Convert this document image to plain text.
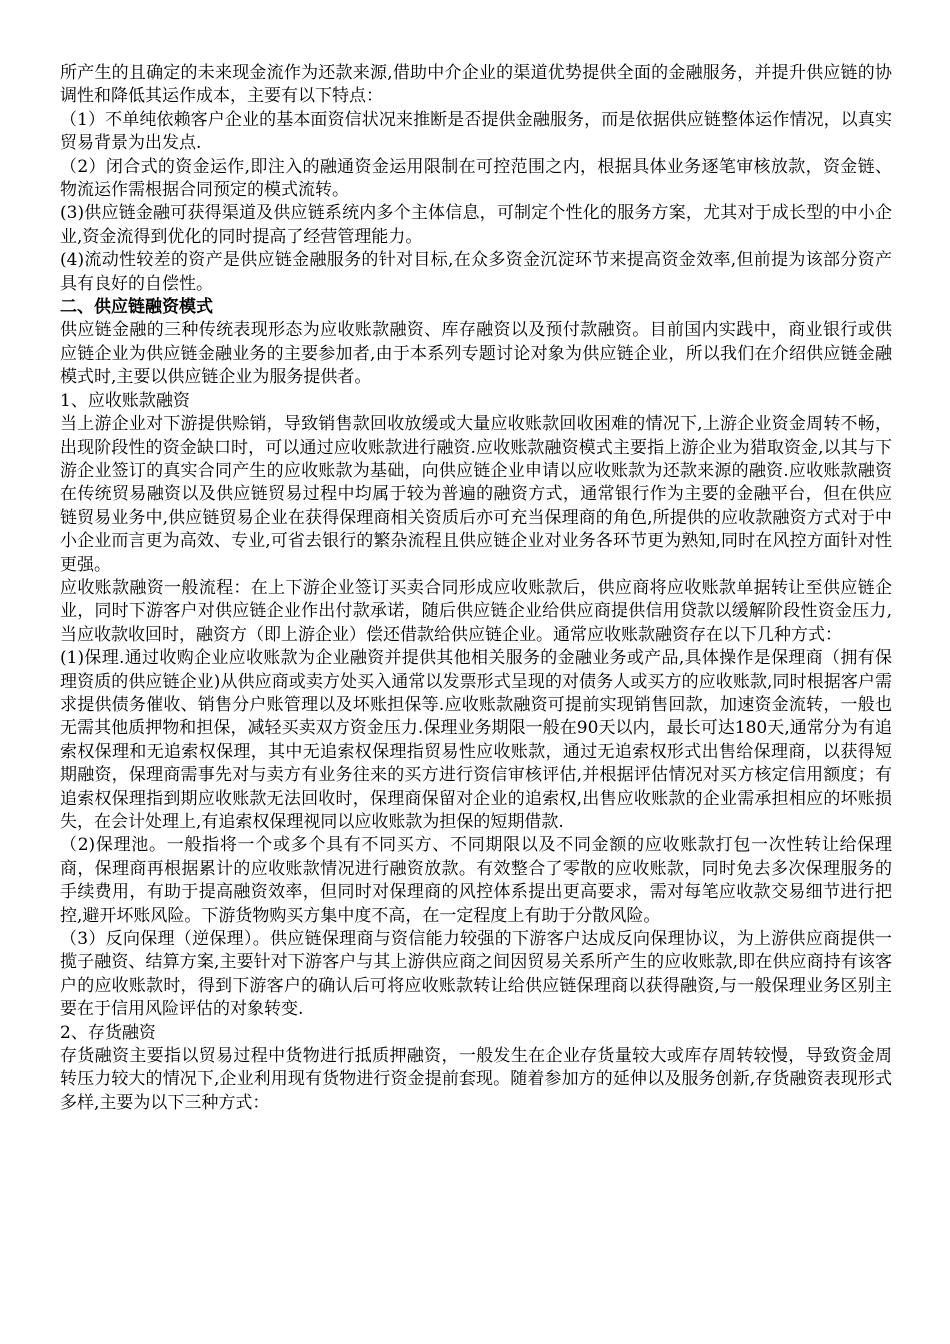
所产生的且确定的未来现金流作为还款来源,借助中介企业的渠道优势提供全面的金融服务，并提升供应链的协调性和降低其运作成本，主要有以下特点：

（1）不单纯依赖客户企业的基本面资信状况来推断是否提供金融服务，而是依据供应链整体运作情况，以真实贸易背景为出发点.

（2）闭合式的资金运作,即注入的融通资金运用限制在可控范围之内，根据具体业务逐笔审核放款，资金链、物流运作需根据合同预定的模式流转。

(3)供应链金融可获得渠道及供应链系统内多个主体信息，可制定个性化的服务方案，尤其对于成长型的中小企业,资金流得到优化的同时提高了经营管理能力。

(4)流动性较差的资产是供应链金融服务的针对目标,在众多资金沉淀环节来提高资金效率,但前提为该部分资产具有良好的自偿性。

二、供应链融资模式

供应链金融的三种传统表现形态为应收账款融资、库存融资以及预付款融资。目前国内实践中，商业银行或供应链企业为供应链金融业务的主要参加者,由于本系列专题讨论对象为供应链企业，所以我们在介绍供应链金融模式时,主要以供应链企业为服务提供者。

1、应收账款融资

当上游企业对下游提供赊销，导致销售款回收放缓或大量应收账款回收困难的情况下,上游企业资金周转不畅，出现阶段性的资金缺口时，可以通过应收账款进行融资.应收账款融资模式主要指上游企业为猎取资金,以其与下游企业签订的真实合同产生的应收账款为基础，向供应链企业申请以应收账款为还款来源的融资.应收账款融资在传统贸易融资以及供应链贸易过程中均属于较为普遍的融资方式，通常银行作为主要的金融平台，但在供应链贸易业务中,供应链贸易企业在获得保理商相关资质后亦可充当保理商的角色,所提供的应收款融资方式对于中小企业而言更为高效、专业,可省去银行的繁杂流程且供应链企业对业务各环节更为熟知,同时在风控方面针对性更强。

应收账款融资一般流程：在上下游企业签订买卖合同形成应收账款后，供应商将应收账款单据转让至供应链企业，同时下游客户对供应链企业作出付款承诺，随后供应链企业给供应商提供信用贷款以缓解阶段性资金压力,当应收款收回时，融资方（即上游企业）偿还借款给供应链企业。通常应收账款融资存在以下几种方式：

(1)保理.通过收购企业应收账款为企业融资并提供其他相关服务的金融业务或产品,具体操作是保理商（拥有保理资质的供应链企业)从供应商或卖方处买入通常以发票形式呈现的对债务人或买方的应收账款,同时根据客户需求提供债务催收、销售分户账管理以及坏账担保等.应收账款融资可提前实现销售回款，加速资金流转，一般也无需其他质押物和担保，减轻买卖双方资金压力.保理业务期限一般在90天以内，最长可达180天,通常分为有追索权保理和无追索权保理，其中无追索权保理指贸易性应收账款，通过无追索权形式出售给保理商，以获得短期融资，保理商需事先对与卖方有业务往来的买方进行资信审核评估,并根据评估情况对买方核定信用额度；有追索权保理指到期应收账款无法回收时，保理商保留对企业的追索权,出售应收账款的企业需承担相应的坏账损失，在会计处理上,有追索权保理视同以应收账款为担保的短期借款.

（2)保理池。一般指将一个或多个具有不同买方、不同期限以及不同金额的应收账款打包一次性转让给保理商，保理商再根据累计的应收账款情况进行融资放款。有效整合了零散的应收账款，同时免去多次保理服务的手续费用，有助于提高融资效率，但同时对保理商的风控体系提出更高要求，需对每笔应收款交易细节进行把控,避开坏账风险。下游货物购买方集中度不高，在一定程度上有助于分散风险。

（3）反向保理（逆保理）。供应链保理商与资信能力较强的下游客户达成反向保理协议，为上游供应商提供一揽子融资、结算方案,主要针对下游客户与其上游供应商之间因贸易关系所产生的应收账款,即在供应商持有该客户的应收账款时，得到下游客户的确认后可将应收账款转让给供应链保理商以获得融资,与一般保理业务区别主要在于信用风险评估的对象转变.

2、存货融资

存货融资主要指以贸易过程中货物进行抵质押融资，一般发生在企业存货量较大或库存周转较慢，导致资金周转压力较大的情况下,企业利用现有货物进行资金提前套现。随着参加方的延伸以及服务创新,存货融资表现形式多样,主要为以下三种方式：
